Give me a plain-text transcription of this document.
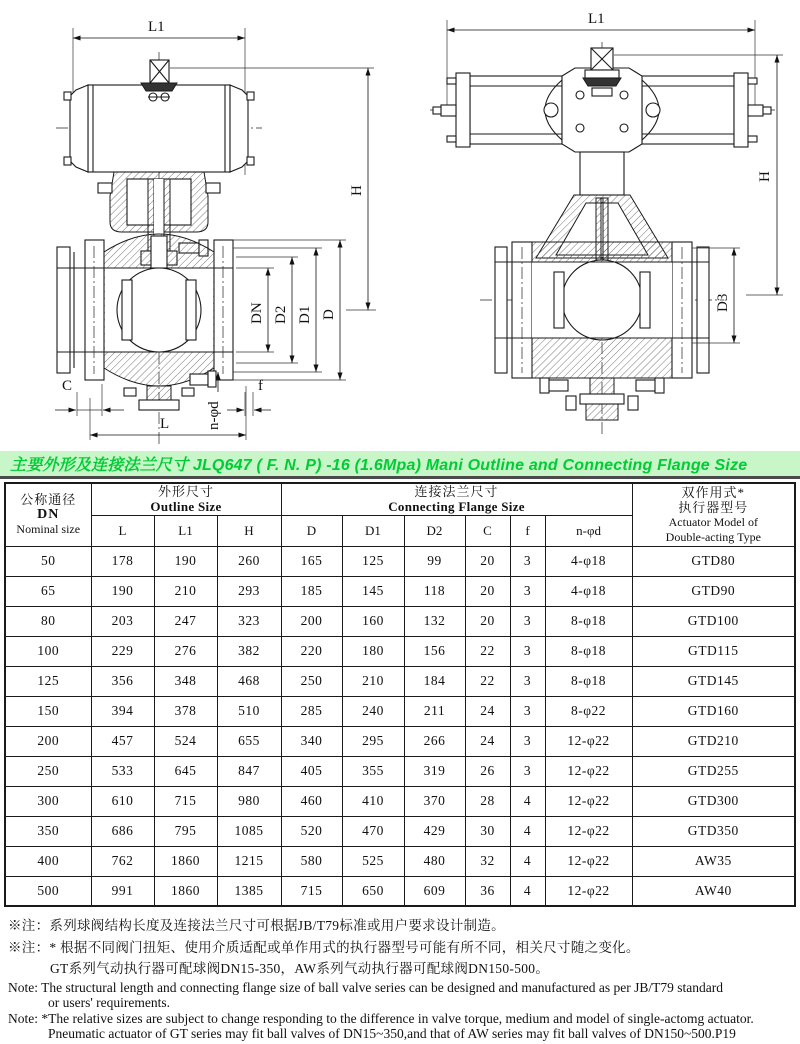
L1
H
DN D2 D1 D
C	f
n-φd
L
L1
H
D3
主要外形及连接法兰尺寸 JLQ647 ( F. N. P) -16 (1.6Mpa) Mani Outline and Connecting Flange Size
公称通径
DN
Nominal size

外形尺寸
Outline Size

连接法兰尺寸
Connecting Flange Size

双作用式*
执行器型号
Actuator Model of
Double-acting Type

	L	L1	H	D	D1	D2	C	f	n-φd	
50	178	190	260	165	125	99	20	3	4-φ18	GTD80
65	190	210	293	185	145	118	20	3	4-φ18	GTD90
80	203	247	323	200	160	132	20	3	8-φ18	GTD100
100	229	276	382	220	180	156	22	3	8-φ18	GTD115
125	356	348	468	250	210	184	22	3	8-φ18	GTD145
150	394	378	510	285	240	211	24	3	8-φ22	GTD160
200	457	524	655	340	295	266	24	3	12-φ22	GTD210
250	533	645	847	405	355	319	26	3	12-φ22	GTD255
300	610	715	980	460	410	370	28	4	12-φ22	GTD300
350	686	795	1085	520	470	429	30	4	12-φ22	GTD350
400	762	1860	1215	580	525	480	32	4	12-φ22	AW35
500	991	1860	1385	715	650	609	36	4	12-φ22	AW40
※注：系列球阀结构长度及连接法兰尺寸可根据JB/T79标准或用户要求设计制造。
※注：* 根据不同阀门扭矩、使用介质适配或单作用式的执行器型号可能有所不同，相关尺寸随之变化。
GT系列气动执行器可配球阀DN15-350，AW系列气动执行器可配球阀DN150-500。
Note: The structural length and connecting flange size of ball valve series can be designed and manufactured as per JB/T79 standard
or users' requirements.
Note: *The relative sizes are subject to change responding to the difference in valve torque, medium and model of single-actomg actuator.
Pneumatic actuator of GT series may fit ball valves of DN15~350,and that of AW series may fit ball valves of DN150~500.P19
